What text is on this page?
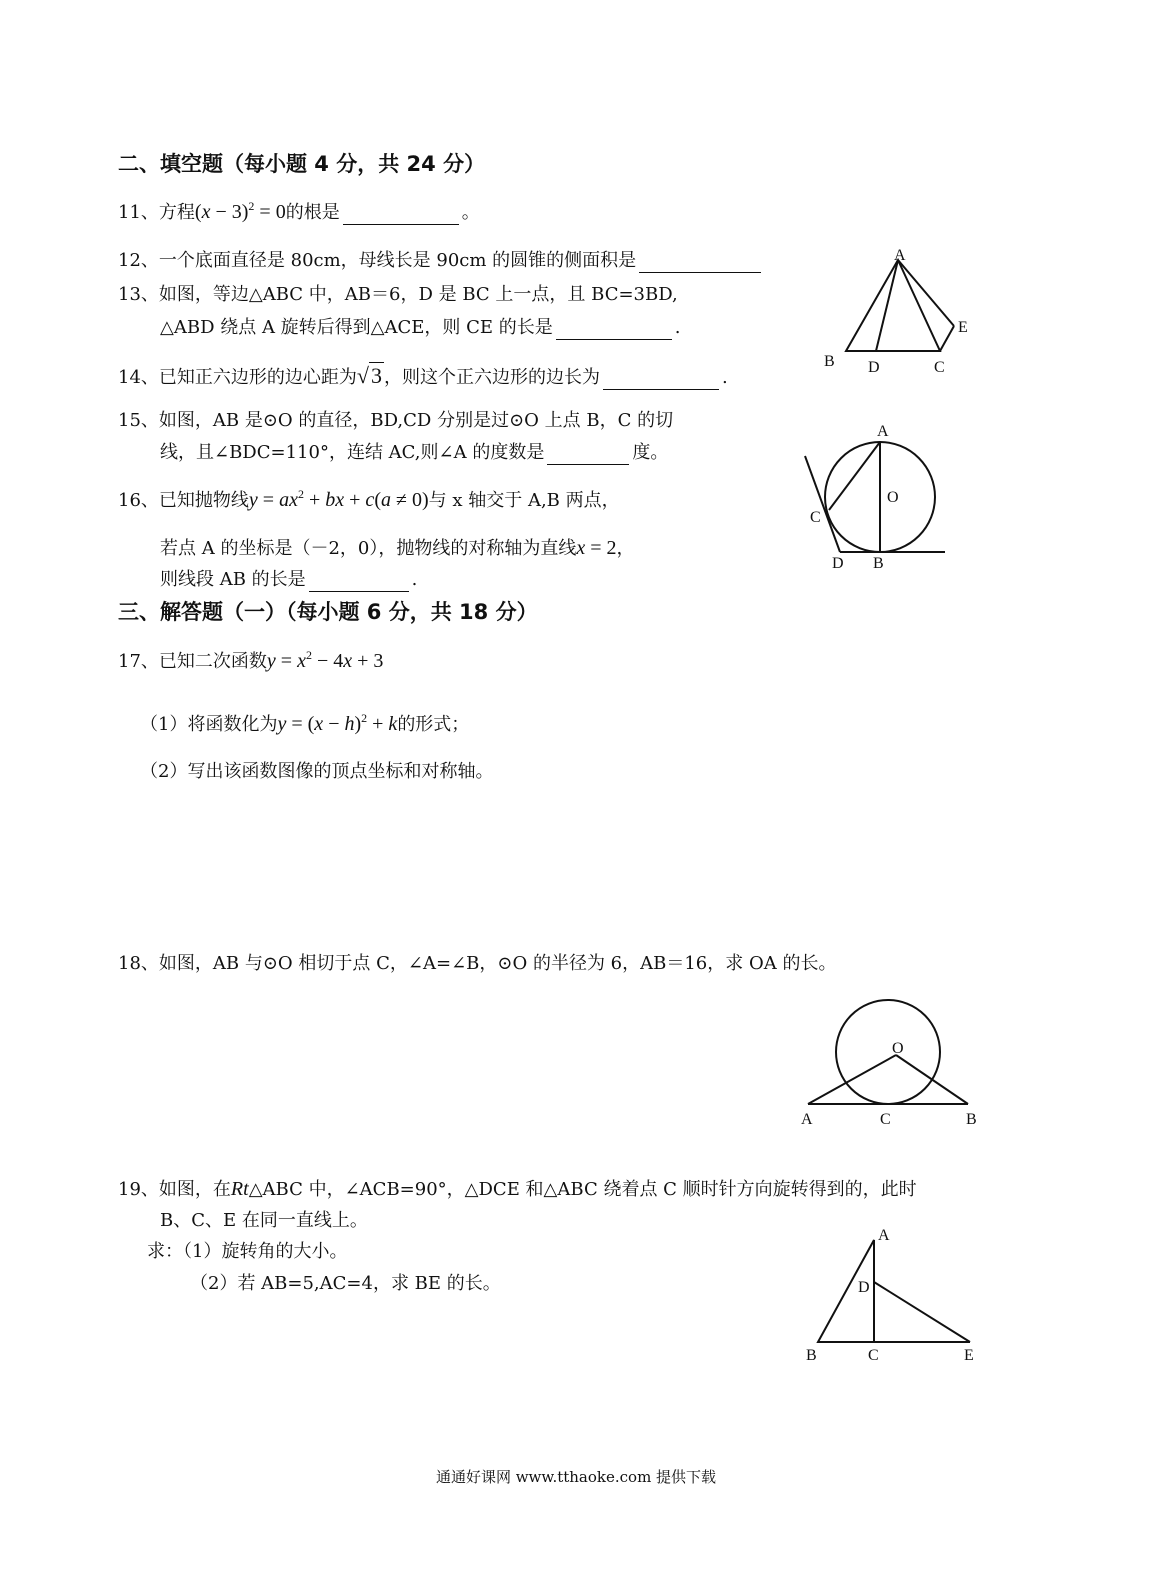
二、填空题（每小题 4 分，共 24 分）
11、方程$(x - 3)^2 = 0$的根是	。
12、一个底面直径是 80cm，母线长是 90cm 的圆锥的侧面积是
13、如图，等边△ABC 中，AB＝6，D 是 BC 上一点，且 BC=3BD,
△ABD 绕点 A 旋转后得到△ACE，则 CE 的长是	.
14、已知正六边形的边心距为√3 ，则这个正六边形的边长为	.
15、如图，AB 是⊙O 的直径，BD,CD 分别是过⊙O 上点 B，C 的切
线，且∠BDC=110°，连结 AC,则∠A 的度数是	度。
16、已知抛物线$y = ax^2$ + bx + c(a ≠ 0)与 x 轴交于 A,B 两点，
若点 A 的坐标是（－2，0），抛物线的对称轴为直线x = 2，
则线段 AB 的长是	.
三、解答题（一）（每小题 6 分，共 18 分）
17、已知二次函数$y = x^2 - 4x + 3$
（1）将函数化为$y = (x - h)^2 + k$的形式；
（2）写出该函数图像的顶点坐标和对称轴。
18、如图，AB 与⊙O 相切于点 C，∠A=∠B，⊙O 的半径为 6，AB＝16，求 OA 的长。
19、如图，在Rt△ABC 中，∠ACB=90°，△DCE 和△ABC 绕着点 C 顺时针方向旋转得到的，此时
B、C、E 在同一直线上。
求：（1）旋转角的大小。
（2）若 AB=5,AC=4，求 BE 的长。
A
B D	C
E
A
O
C
D B
O
A	C	B
A
D
B	C	E
通通好课网 www.tthaoke.com 提供下载
